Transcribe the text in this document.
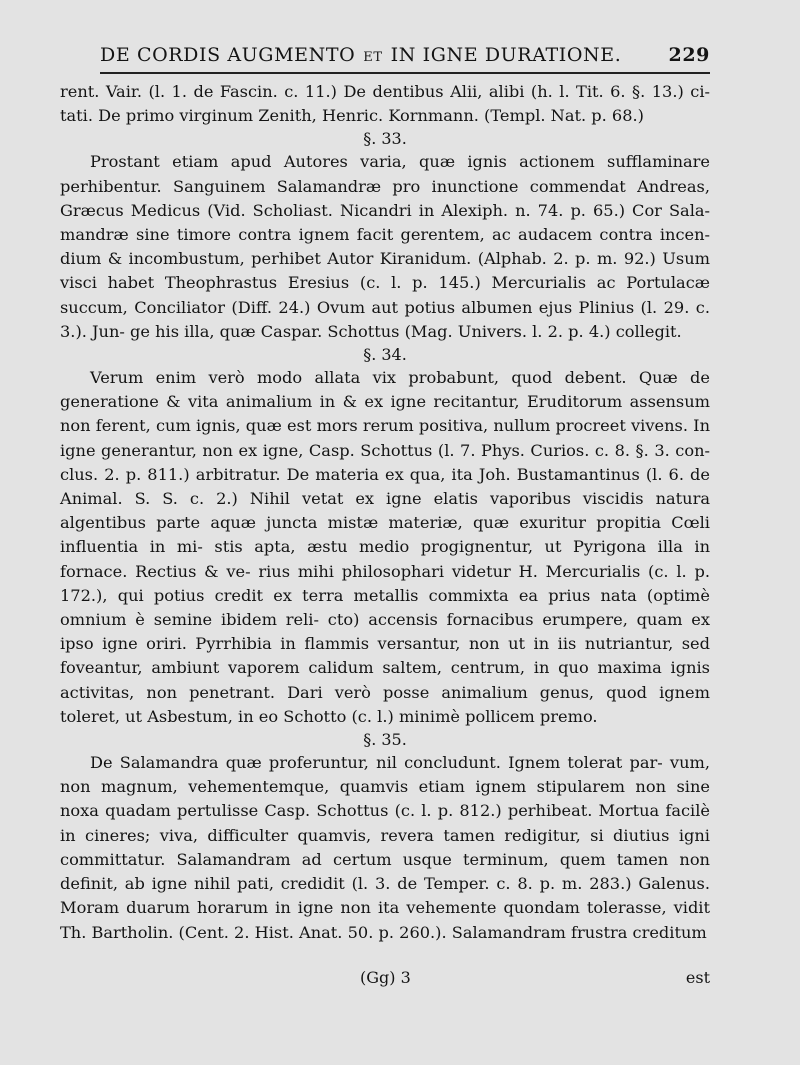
DE CORDIS AUGMENTO ET IN IGNE DURATIONE. 229

rent. Vair. (l. 1. de Fascin. c. 11.) De dentibus Alii, alibi (h. l. Tit. 6. §. 13.) ci- tati. De primo virginum Zenith, Henric. Kornmann. (Templ. Nat. p. 68.)

§. 33.

Prostant etiam apud Autores varia, quæ ignis actionem sufflaminare perhibentur. Sanguinem Salamandræ pro inunctione commendat Andreas, Græcus Medicus (Vid. Scholiast. Nicandri in Alexiph. n. 74. p. 65.) Cor Sala- mandræ sine timore contra ignem facit gerentem, ac audacem contra incen- dium & incombustum, perhibet Autor Kiranidum. (Alphab. 2. p. m. 92.) Usum visci habet Theophrastus Eresius (c. l. p. 145.) Mercurialis ac Portulacæ succum, Conciliator (Diff. 24.) Ovum aut potius albumen ejus Plinius (l. 29. c. 3.). Jun- ge his illa, quæ Caspar. Schottus (Mag. Univers. l. 2. p. 4.) collegit.

§. 34.

Verum enim verò modo allata vix probabunt, quod debent. Quæ de generatione & vita animalium in & ex igne recitantur, Eruditorum assensum non ferent, cum ignis, quæ est mors rerum positiva, nullum procreet vivens. In igne generantur, non ex igne, Casp. Schottus (l. 7. Phys. Curios. c. 8. §. 3. con- clus. 2. p. 811.) arbitratur. De materia ex qua, ita Joh. Bustamantinus (l. 6. de Animal. S. S. c. 2.) Nihil vetat ex igne elatis vaporibus viscidis natura algentibus parte aquæ juncta mistæ materiæ, quæ exuritur propitia Cœli influentia in mi- stis apta, æstu medio progignentur, ut Pyrigona illa in fornace. Rectius & ve- rius mihi philosophari videtur H. Mercurialis (c. l. p. 172.), qui potius credit ex terra metallis commixta ea prius nata (optimè omnium è semine ibidem reli- cto) accensis fornacibus erumpere, quam ex ipso igne oriri. Pyrrhibia in flammis versantur, non ut in iis nutriantur, sed foveantur, ambiunt vaporem calidum saltem, centrum, in quo maxima ignis activitas, non penetrant. Dari verò posse animalium genus, quod ignem toleret, ut Asbestum, in eo Schotto (c. l.) minimè pollicem premo.

§. 35.

De Salamandra quæ proferuntur, nil concludunt. Ignem tolerat par- vum, non magnum, vehementemque, quamvis etiam ignem stipularem non sine noxa quadam pertulisse Casp. Schottus (c. l. p. 812.) perhibeat. Mortua facilè in cineres; viva, difficulter quamvis, revera tamen redigitur, si diutius igni committatur. Salamandram ad certum usque terminum, quem tamen non definit, ab igne nihil pati, credidit (l. 3. de Temper. c. 8. p. m. 283.) Galenus. Moram duarum horarum in igne non ita vehemente quondam tolerasse, vidit Th. Bartholin. (Cent. 2. Hist. Anat. 50. p. 260.). Salamandram frustra creditum

(Gg) 3	est
